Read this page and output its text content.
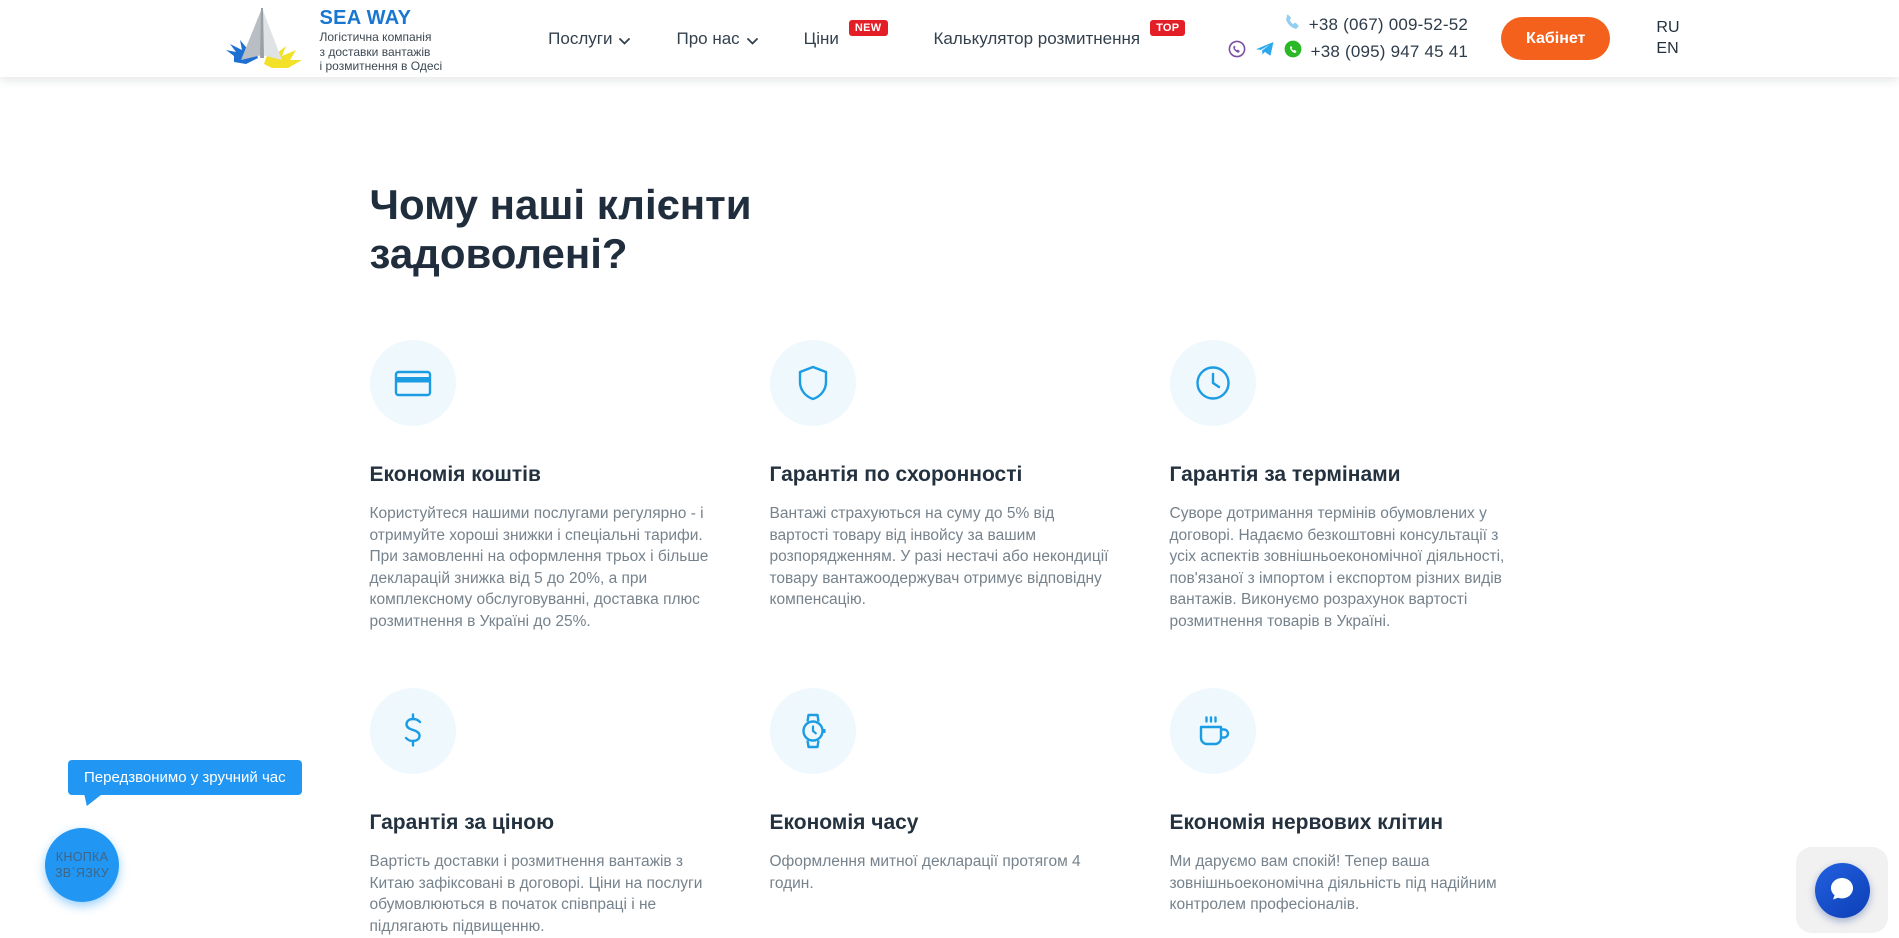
SEA WAY
Логістична компанія
з доставки вантажів
і розмитнення в Одесі
Послуги	Про нас	Ціни
NEW
Калькулятор розмитнення
TOP	+38 (067) 009-52-52
+38 (095) 947 45 41
Кабінет
RU
EN
Чому наші клієнти задоволені?
Економія коштів

Користуйтеся нашими послугами регулярно - і отримуйте хороші знижки і спеціальні тарифи. При замовленні на оформлення трьох і більше декларацій знижка від 5 до 20%, а при комплексному обслуговуванні, доставка плюс розмитнення в Україні до 25%.

Гарантія по схоронності

Вантажі страхуються на суму до 5% від вартості товару від інвойсу за вашим розпорядженням. У разі нестачі або некондиції товару вантажоодержувач отримує відповідну компенсацію.

Гарантія за термінами

Суворе дотримання термінів обумовлених у договорі. Надаємо безкоштовні консультації з усіх аспектів зовнішньоекономічної діяльності, пов'язаної з імпортом і експортом різних видів вантажів. Виконуємо розрахунок вартості розмитнення товарів в Україні.

Гарантія за ціною

Вартість доставки і розмитнення вантажів з Китаю зафіксовані в договорі. Ціни на послуги обумовлюються в початок співпраці і не підлягають підвищенню.

Економія часу

Оформлення митної декларації протягом 4 годин.

Економія нервових клітин

Ми даруємо вам спокій! Тепер ваша зовнішньоекономічна діяльність під надійним контролем професіоналів.

Передзвонимо у зручний час
КНОПКА ЗВ`ЯЗКУ
